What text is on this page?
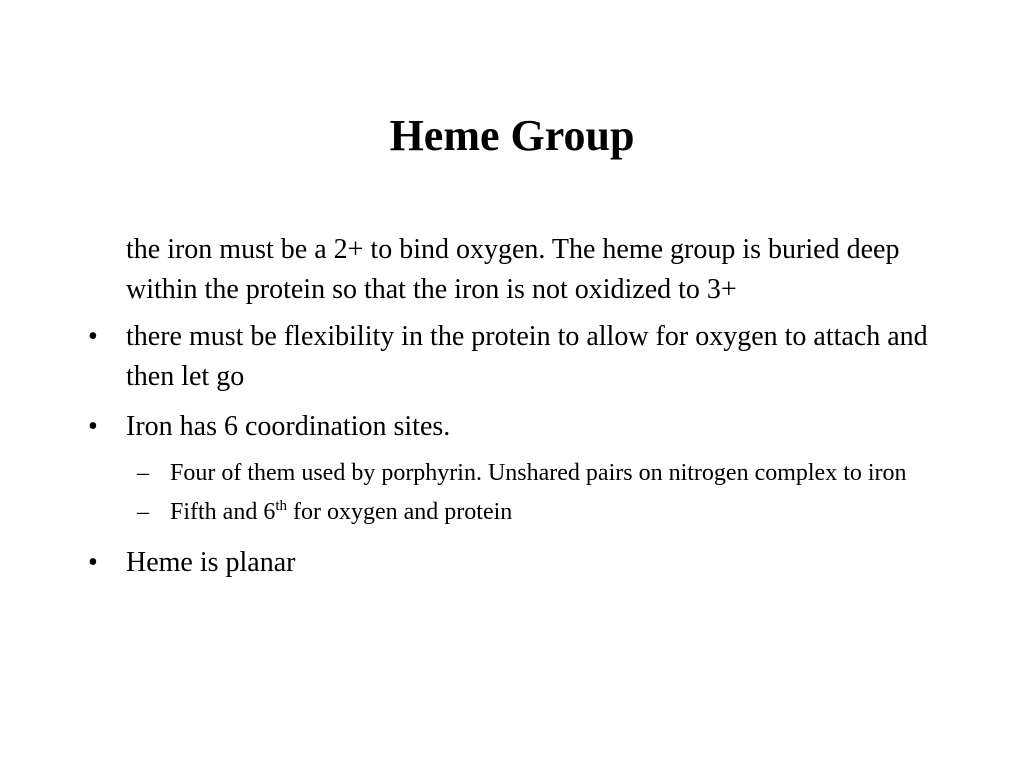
Heme Group
the iron must be a 2+ to bind oxygen. The heme group is buried deep within the protein so that the iron is not oxidized to 3+
• there must be flexibility in the protein to allow for oxygen to attach and then let go
• Iron has 6 coordination sites.
– Four of them used by porphyrin. Unshared pairs on nitrogen complex to iron
– Fifth and 6th for oxygen and protein
• Heme is planar
